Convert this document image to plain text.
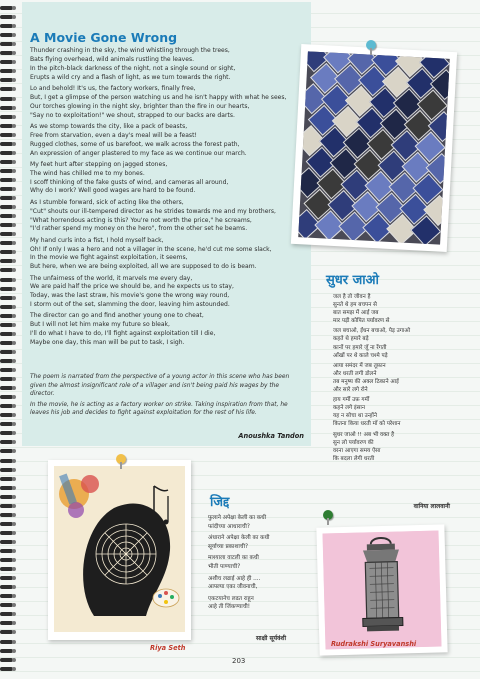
A Movie Gone Wrong
Thunder crashing in the sky, the wind whistling through the trees,
Bats flying overhead, wild animals rustling the leaves.
In the pitch-black darkness of the night, not a single sound or sight,
Erupts a wild cry and a flash of light, as we turn towards the right.
Lo and behold! It's us, the factory workers, finally free,
But, I get a glimpse of the person watching us and he isn't happy with what he sees,
Our torches glowing in the night sky, brighter than the fire in our hearts,
"Say no to exploitation!" we shout, strapped to our backs are darts.
As we stomp towards the city, like a pack of beasts,
Free from starvation, even a day's meal will be a feast!
Rugged clothes, some of us barefoot, we walk across the forest path,
An expression of anger plastered to my face as we continue our march.
My feet hurt after stepping on jagged stones,
The wind has chilled me to my bones.
I scoff thinking of the fake gusts of wind, and cameras all around,
Why do I work? Well good wages are hard to be found.
As I stumble forward, sick of acting like the others,
"Cut" shouts our ill-tempered director as he strides towards me and my brothers,
"What horrendous acting is this? You're not worth the price," he screams,
"I'd rather spend my money on the hero", from the other set he beams.
My hand curls into a fist, I hold myself back,
Oh! If only I was a hero and not a villager in the scene, he'd cut me some slack,
In the movie we fight against exploitation, it seems,
But here, when we are being exploited, all we are supposed to do is beam.
The unfairness of the world, it marvels me every day,
We are paid half the price we should be, and he expects us to stay,
Today, was the last straw, his movie's gone the wrong way round,
I storm out of the set, slamming the door, leaving him astounded.
The director can go and find another young one to cheat,
But I will not let him make my future so bleak,
I'll do what I have to do, I'll fight against exploitation till I die,
Maybe one day, this man will be put to task, I sigh.

The poem is narrated from the perspective of a young actor in this scene who has been given the almost insignificant role of a villager and isn't being paid his wages by the director.

In the movie, he is acting as a factory worker on strike. Taking inspiration from that, he leaves his job and decides to fight against exploitation for the rest of his life.

Anoushka Tandon
सुधर जाओ
जल है तो जीवन है
सुनते थे हम बचपन से
बात समझ में आई जब
मार पड़ी कोपित पर्यावरण से
जल बचाओ, ईंधन बचाओ, पेड़ उगाओ
कहते थे हमारे बड़े
कानों पर हमारे जूँ ना रेंगती
आँखों पर थे काले चश्मे पड़े
आया समंदर में जब तूफ़ान
और धरती लगी डोलने
तब मनुष्य की अक्ल ठिकाने आई
और सारे लगे रोने
हाय गर्मी उफ़ गर्मी
कहने लगे इंसान
यह न सोचा था उन्होंने
कितना किया धरती माँ को परेशान
सुधर जाओ !! अब भी वक्त है
सुन लो पर्यावरण की
वरना आएगा समय ऐसा
कि बदला लेगी धरती
वानिया लालवानी
Riya Seth
जिद्द
फुलाने अपेक्षा केली का कधी
फांदीच्या आधाराची?
अंधाराने अपेक्षा केली का कधी
सूर्याच्या प्रकाशाची?
माश्याला वाटली का कधी
भीती पाण्याची?
अशीच लढाई आहे ही ....
आपल्या एका जीवनाची,
एकटयानेच लढत राहून
आहे ती जिंकण्याची!
साक्षी सूर्यवंशी
Rudrakshi Suryavanshi
203
